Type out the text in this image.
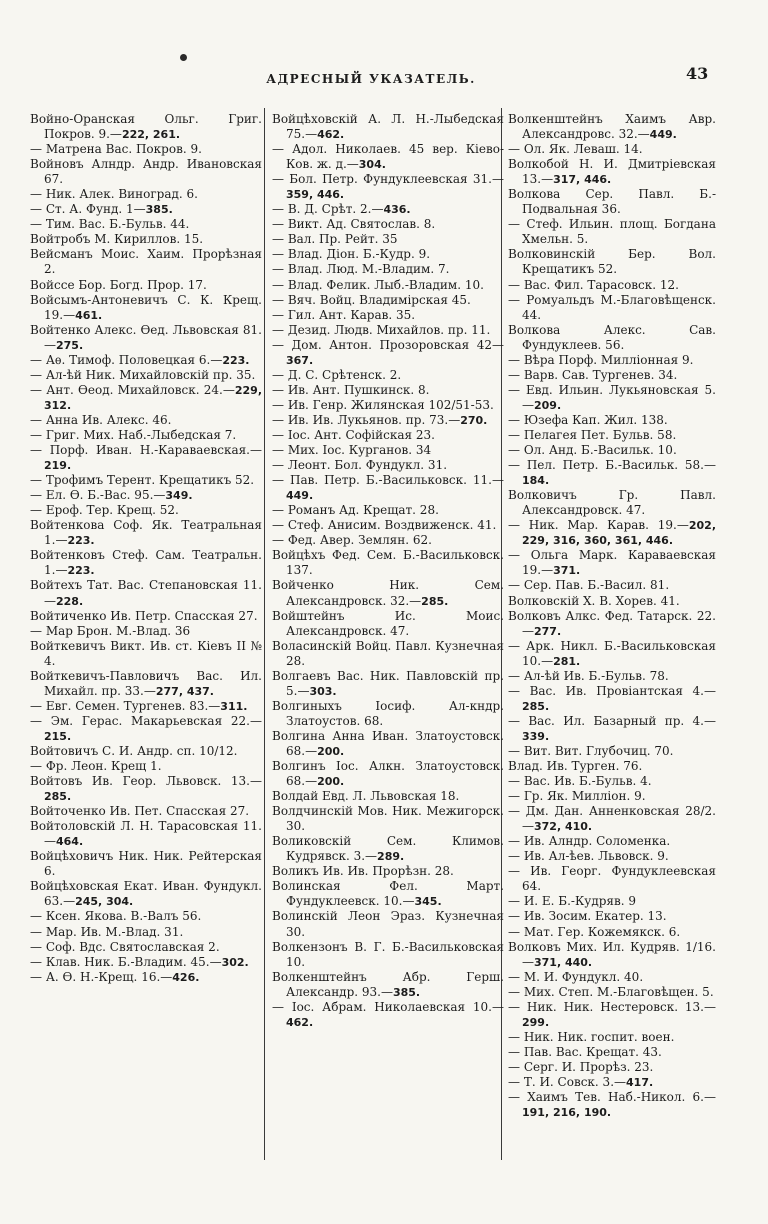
АДРЕСНЫЙ УКАЗАТЕЛЬ.	43

Войно-Оранская Ольг. Григ. Покров. 9.—222, 261.

— Матрена Вас. Покров. 9.

Войновъ Алндр. Андр. Ивановская 67.

— Ник. Алек. Виноград. 6.

— Ст. А. Фунд. 1—385.

— Тим. Вас. Б.-Бульв. 44.

Войтробъ М. Кириллов. 15.

Вейсманъ Моис. Хаим. Прорѣзная 2.

Войссе Бор. Богд. Прор. 17.

Войсымъ-Антоневичъ С. К. Крещ. 19.—461.

Войтенко Алекс. Ѳед. Львовская 81.—275.

— Аѳ. Тимоф. Половецкая 6.—223.

— Ал-ѣй Ник. Михайловскій пр. 35.

— Ант. Ѳеод. Михайловск. 24.—229, 312.

— Анна Ив. Алекс. 46.

— Григ. Мих. Наб.-Лыбедская 7.

— Порф. Иван. Н.-Караваевская.—219.

— Трофимъ Терент. Крещатикъ 52.

— Ел. Ѳ. Б.-Вас. 95.—349.

— Ероф. Тер. Крещ. 52.

Войтенкова Соф. Як. Театральная 1.—223.

Войтенковъ Стеф. Сам. Театральн. 1.—223.

Войтехъ Тат. Вас. Степановская 11.—228.

Войтиченко Ив. Петр. Спасская 27.

— Мар Брон. М.-Влад. 36

Войткевичъ Викт. Ив. ст. Кіевъ II № 4.

Войткевичъ-Павловичъ Вас. Ил. Михайл. пр. 33.—277, 437.

— Евг. Семен. Тургенев. 83.—311.

— Эм. Герас. Макарьевская 22.—215.

Войтовичъ С. И. Андр. сп. 10/12.

— Фр. Леон. Крещ 1.

Войтовъ Ив. Геор. Львовск. 13.—285.

Войточенко Ив. Пет. Спасская 27.

Войтоловскій Л. Н. Тарасовская 11.—464.

Войцѣховичъ Ник. Ник. Рейтерская 6.

Войцѣховская Екат. Иван. Фундукл. 63.—245, 304.

— Ксен. Якова. В.-Валъ 56.

— Мар. Ив. М.-Влад. 31.

— Соф. Вдс. Святославская 2.

— Клав. Ник. Б.-Владим. 45.—302.

— А. Ѳ. Н.-Крещ. 16.—426.

Войцѣховскій А. Л. Н.-Лыбедская 75.—462.

— Адол. Николаев. 45 вер. Кіево-Ков. ж. д.—304.

— Бол. Петр. Фундуклеевская 31.—359, 446.

— В. Д. Срѣт. 2.—436.

— Викт. Ад. Святослав. 8.

— Вал. Пр. Рейт. 35

— Влад. Діон. Б.-Кудр. 9.

— Влад. Люд. М.-Владим. 7.

— Влад. Фелик. Лыб.-Владим. 10.

— Вяч. Войц. Владимірская 45.

— Гил. Ант. Карав. 35.

— Дезид. Людв. Михайлов. пр. 11.

— Дом. Антон. Прозоровская 42—367.

— Д. С. Срѣтенск. 2.

— Ив. Ант. Пушкинск. 8.

— Ив. Генр. Жилянская 102/51-53.

— Ив. Ив. Лукьянов. пр. 73.—270.

— Іос. Ант. Софійская 23.

— Мих. Іос. Курганов. 34

— Леонт. Бол. Фундукл. 31.

— Пав. Петр. Б.-Васильковск. 11.—449.

— Романъ Ад. Крещат. 28.

— Стеф. Анисим. Воздвиженск. 41.

— Фед. Авер. Землян. 62.

Войцѣхъ Фед. Сем. Б.-Васильковск. 137.

Войченко Ник. Сем. Александровск. 32.—285.

Войштейнъ Ис. Моис. Александровск. 47.

Воласинскій Войц. Павл. Кузнечная 28.

Волгаевъ Вас. Ник. Павловскій пр. 5.—303.

Волгиныхъ Іосиф. Ал-кндр. Златоустов. 68.

Волгина Анна Иван. Златоустовск. 68.—200.

Волгинъ Іос. Алкн. Златоустовск. 68.—200.

Волдай Евд. Л. Львовская 18.

Волдчинскій Мов. Ник. Межигорск. 30.

Воликовскій Сем. Климов. Кудрявск. 3.—289.

Воликъ Ив. Ив. Прорѣзн. 28.

Волинская Фел. Март. Фундуклеевск. 10.—345.

Волинскій Леон Эраз. Кузнечная 30.

Волкензонъ В. Г. Б.-Васильковская 10.

Волкенштейнъ Абр. Герш. Александр. 93.—385.

— Іос. Абрам. Николаевская 10.—462.

Волкенштейнъ Хаимъ Авр. Александровс. 32.—449.

— Ол. Як. Леваш. 14.

Волкобой Н. И. Дмитріевская 13.—317, 446.

Волкова Сер. Павл. Б.-Подвальная 36.

— Стеф. Ильин. площ. Богдана Хмельн. 5.

Волковинскій Бер. Вол. Крещатикъ 52.

— Вас. Фил. Тарасовск. 12.

— Ромуальдъ М.-Благовѣщенск. 44.

Волкова Алекс. Сав. Фундуклеев. 56.

— Вѣра Порф. Милліонная 9.

— Варв. Сав. Тургенев. 34.

— Евд. Ильин. Лукьяновская 5.—209.

— Юзефа Кап. Жил. 138.

— Пелагея Пет. Бульв. 58.

— Ол. Анд. Б.-Васильк. 10.

— Пел. Петр. Б.-Васильк. 58.—184.

Волковичъ Гр. Павл. Александровск. 47.

— Ник. Мар. Карав. 19.—202, 229, 316, 360, 361, 446.

— Ольга Марк. Караваевская 19.—371.

— Сер. Пав. Б.-Васил. 81.

Волковскій Х. В. Хорев. 41.

Волковъ Алкс. Фед. Татарск. 22.—277.

— Арк. Никл. Б.-Васильковская 10.—281.

— Ал-ѣй Ив. Б.-Бульв. 78.

— Вас. Ив. Провіантская 4.—285.

— Вас. Ил. Базарный пр. 4.—339.

— Вит. Вит. Глубочиц. 70.

Влад. Ив. Турген. 76.

— Вас. Ив. Б.-Бульв. 4.

— Гр. Як. Милліон. 9.

— Дм. Дан. Анненковская 28/2.—372, 410.

— Ив. Алндр. Соломенка.

— Ив. Ал-ѣев. Львовск. 9.

— Ив. Георг. Фундуклеевская 64.

— И. Е. Б.-Кудряв. 9

— Ив. Зосим. Екатер. 13.

— Мат. Гер. Кожемякск. 6.

Волковъ Мих. Ил. Кудряв. 1/16.—371, 440.

— М. И. Фундукл. 40.

— Мих. Степ. М.-Благовѣщен. 5.

— Ник. Ник. Нестеровск. 13.—299.

— Ник. Ник. госпит. воен.

— Пав. Вас. Крещат. 43.

— Серг. И. Прорѣз. 23.

— Т. И. Совск. 3.—417.

— Хаимъ Тев. Наб.-Никол. 6.—191, 216, 190.
